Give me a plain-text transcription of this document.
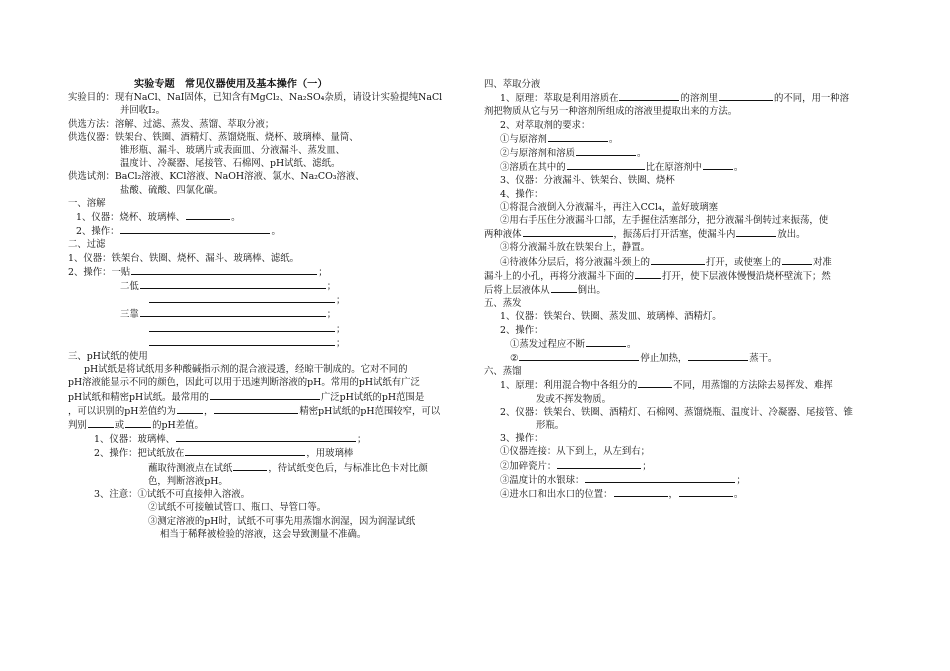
实验专题　常见仪器使用及基本操作（一）
实验目的：现有NaCl、NaI固体，已知含有MgCl₂、Na₂SO₄杂质，请设计实验提纯NaCl
并回收I₂。
供选方法：溶解、过滤、蒸发、蒸馏、萃取分液；
供选仪器：铁架台、铁圈、酒精灯、蒸馏烧瓶、烧杯、玻璃棒、量筒、
锥形瓶、漏斗、玻璃片或表面皿、分液漏斗、蒸发皿、
温度计、冷凝器、尾接管、石棉网、pH试纸、滤纸。
供选试剂：BaCl₂溶液、KCl溶液、NaOH溶液、氯水、Na₂CO₃溶液、
盐酸、硫酸、四氯化碳。
一、溶解
1、仪器：烧杯、玻璃棒、	。
2、操作：	。
二、过滤
1、仪器：铁架台、铁圈、烧杯、漏斗、玻璃棒、滤纸。
2、操作：一贴	；
二低	；
；
三靠	；
；
；
三、pH试纸的使用
pH试纸是将试纸用多种酸碱指示剂的混合液浸透，经晾干制成的。它对不同的
pH溶液能显示不同的颜色，因此可以用于迅速判断溶液的pH。常用的pH试纸有广泛
pH试纸和精密pH试纸。最常用的	广泛pH试纸的pH范围是
，可以识别的pH差值约为	，	精密pH试纸的pH范围较窄，可以
判别	或	的pH差值。
1、仪器：玻璃棒、	；
2、操作：把试纸放在	，用玻璃棒
蘸取待测液点在试纸	，待试纸变色后，与标准比色卡对比颜
色，判断溶液pH。
3、注意：①试纸不可直接伸入溶液。
②试纸不可接触试管口、瓶口、导管口等。
③测定溶液的pH时，试纸不可事先用蒸馏水润湿，因为润湿试纸
相当于稀释被检验的溶液，这会导致测量不准确。
四、萃取分液
1、原理：萃取是利用溶质在	的溶剂里	的不同，用一种溶
剂把物质从它与另一种溶剂所组成的溶液里提取出来的方法。
2、对萃取剂的要求：
①与原溶剂	。
②与原溶剂和溶质	。
③溶质在其中的	比在原溶剂中	。
3、仪器：分液漏斗、铁架台、铁圈、烧杯
4、操作：
①将混合液倒入分液漏斗，再注入CCl₄，盖好玻璃塞
②用右手压住分液漏斗口部，左手握住活塞部分，把分液漏斗倒转过来振荡，使
两种液体	，振荡后打开活塞，使漏斗内	放出。
③将分液漏斗放在铁架台上，静置。
④待液体分层后，将分液漏斗颈上的	打开，或使塞上的	对准
漏斗上的小孔，再将分液漏斗下面的	打开，使下层液体慢慢沿烧杯壁流下；然
后将上层液体从	倒出。
五、蒸发
1、仪器：铁架台、铁圈、蒸发皿、玻璃棒、酒精灯。
2、操作：
①蒸发过程应不断	。
②	停止加热，	蒸干。
六、蒸馏
1、原理：利用混合物中各组分的	不同，用蒸馏的方法除去易挥发、难挥
发或不挥发物质。
2、仪器：铁架台、铁圈、酒精灯、石棉网、蒸馏烧瓶、温度计、冷凝器、尾接管、锥
形瓶。
3、操作：
①仪器连接：从下到上，从左到右；
②加碎瓷片：	；
③温度计的水银球：	；
④进水口和出水口的位置：	，	。
